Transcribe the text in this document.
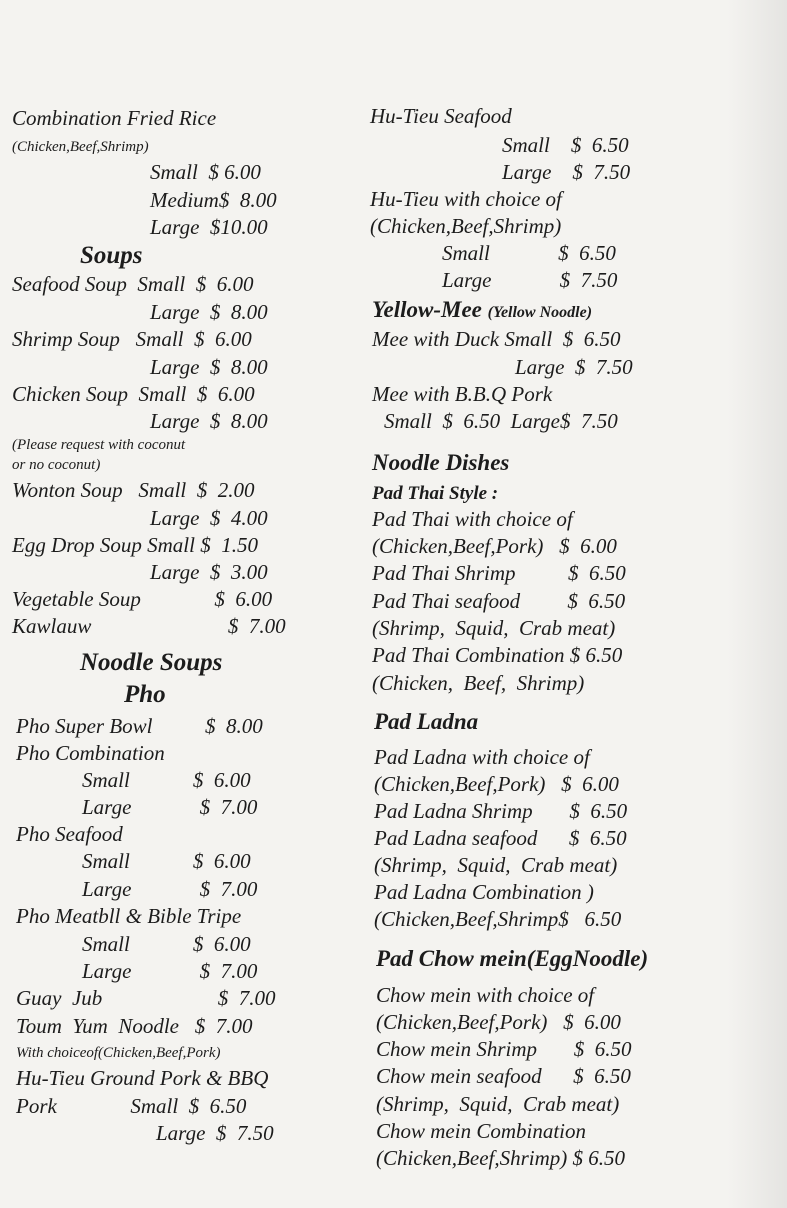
Combination Fried Rice
(Chicken,Beef,Shrimp)
Small  $ 6.00
Medium$  8.00
Large  $10.00
Soups
Seafood Soup  Small  $  6.00
Large  $  8.00
Shrimp Soup   Small  $  6.00
Large  $  8.00
Chicken Soup  Small  $  6.00
Large  $  8.00
(Please request with coconut
or no coconut)
Wonton Soup   Small  $  2.00
Large  $  4.00
Egg Drop Soup Small $  1.50
Large  $  3.00
Vegetable Soup              $  6.00
Kawlauw                          $  7.00
Noodle Soups
Pho
Pho Super Bowl          $  8.00
Pho Combination
Small            $  6.00
Large             $  7.00
Pho Seafood
Small            $  6.00
Large             $  7.00
Pho Meatbll & Bible Tripe
Small            $  6.00
Large             $  7.00
Guay  Jub                      $  7.00
Toum  Yum  Noodle   $  7.00
With choiceof(Chicken,Beef,Pork)
Hu-Tieu Ground Pork & BBQ
Pork              Small  $  6.50
Large  $  7.50
Hu-Tieu Seafood
Small    $  6.50
Large    $  7.50
Hu-Tieu with choice of
(Chicken,Beef,Shrimp)
Small             $  6.50
Large             $  7.50
Yellow-Mee (Yellow Noodle)
Mee with Duck Small  $  6.50
Large  $  7.50
Mee with B.B.Q Pork
Small  $  6.50  Large$  7.50
Noodle Dishes
Pad Thai Style :
Pad Thai with choice of
(Chicken,Beef,Pork)   $  6.00
Pad Thai Shrimp          $  6.50
Pad Thai seafood         $  6.50
(Shrimp,  Squid,  Crab meat)
Pad Thai Combination $ 6.50
(Chicken,  Beef,  Shrimp)
Pad Ladna
Pad Ladna with choice of
(Chicken,Beef,Pork)   $  6.00
Pad Ladna Shrimp       $  6.50
Pad Ladna seafood      $  6.50
(Shrimp,  Squid,  Crab meat)
Pad Ladna Combination )
(Chicken,Beef,Shrimp$   6.50
Pad Chow mein(EggNoodle)
Chow mein with choice of
(Chicken,Beef,Pork)   $  6.00
Chow mein Shrimp       $  6.50
Chow mein seafood      $  6.50
(Shrimp,  Squid,  Crab meat)
Chow mein Combination
(Chicken,Beef,Shrimp) $ 6.50
